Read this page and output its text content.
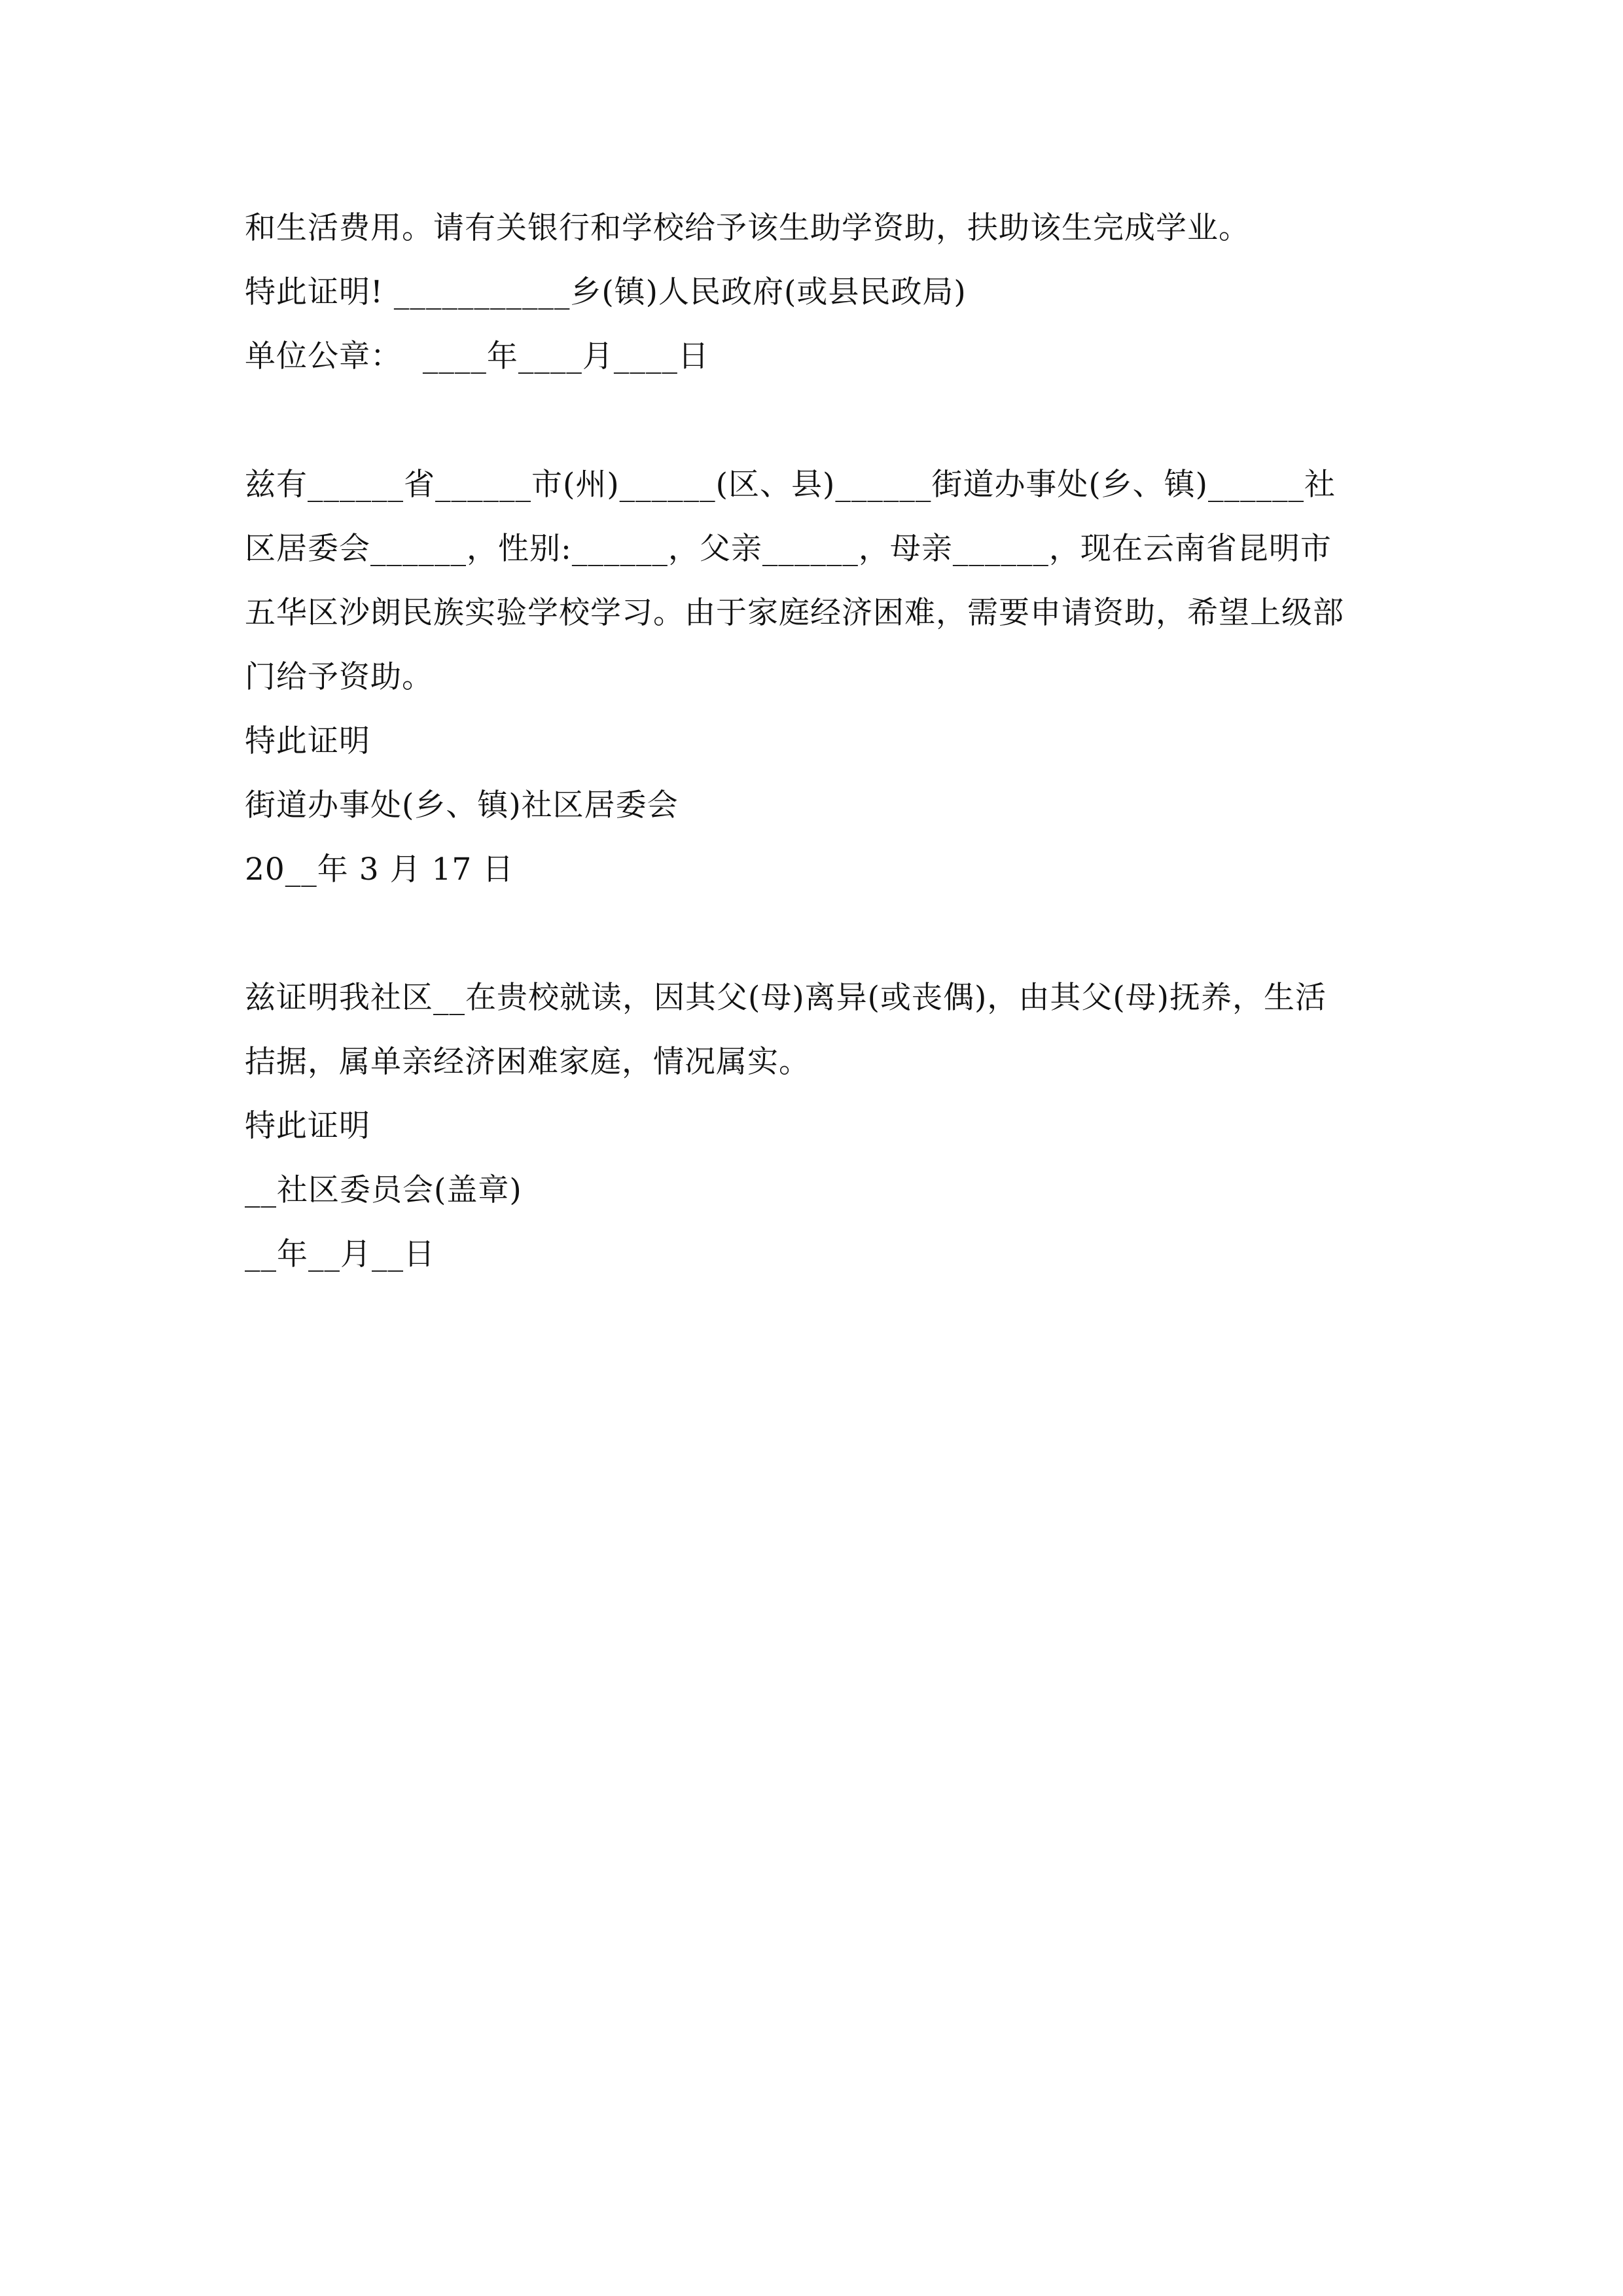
和生活费用。请有关银行和学校给予该生助学资助，扶助该生完成学业。

特此证明! ___________乡(镇)人民政府(或县民政局)

单位公章：  ____年____月____日

兹有______省______市(州)______(区、县)______街道办事处(乡、镇)______社

区居委会______，性别:______，父亲______，母亲______，现在云南省昆明市

五华区沙朗民族实验学校学习。由于家庭经济困难，需要申请资助，希望上级部

门给予资助。

特此证明

街道办事处(乡、镇)社区居委会

20__年 3 月 17 日

兹证明我社区__在贵校就读，因其父(母)离异(或丧偶)，由其父(母)抚养，生活

拮据，属单亲经济困难家庭，情况属实。

特此证明

__社区委员会(盖章)

__年__月__日
